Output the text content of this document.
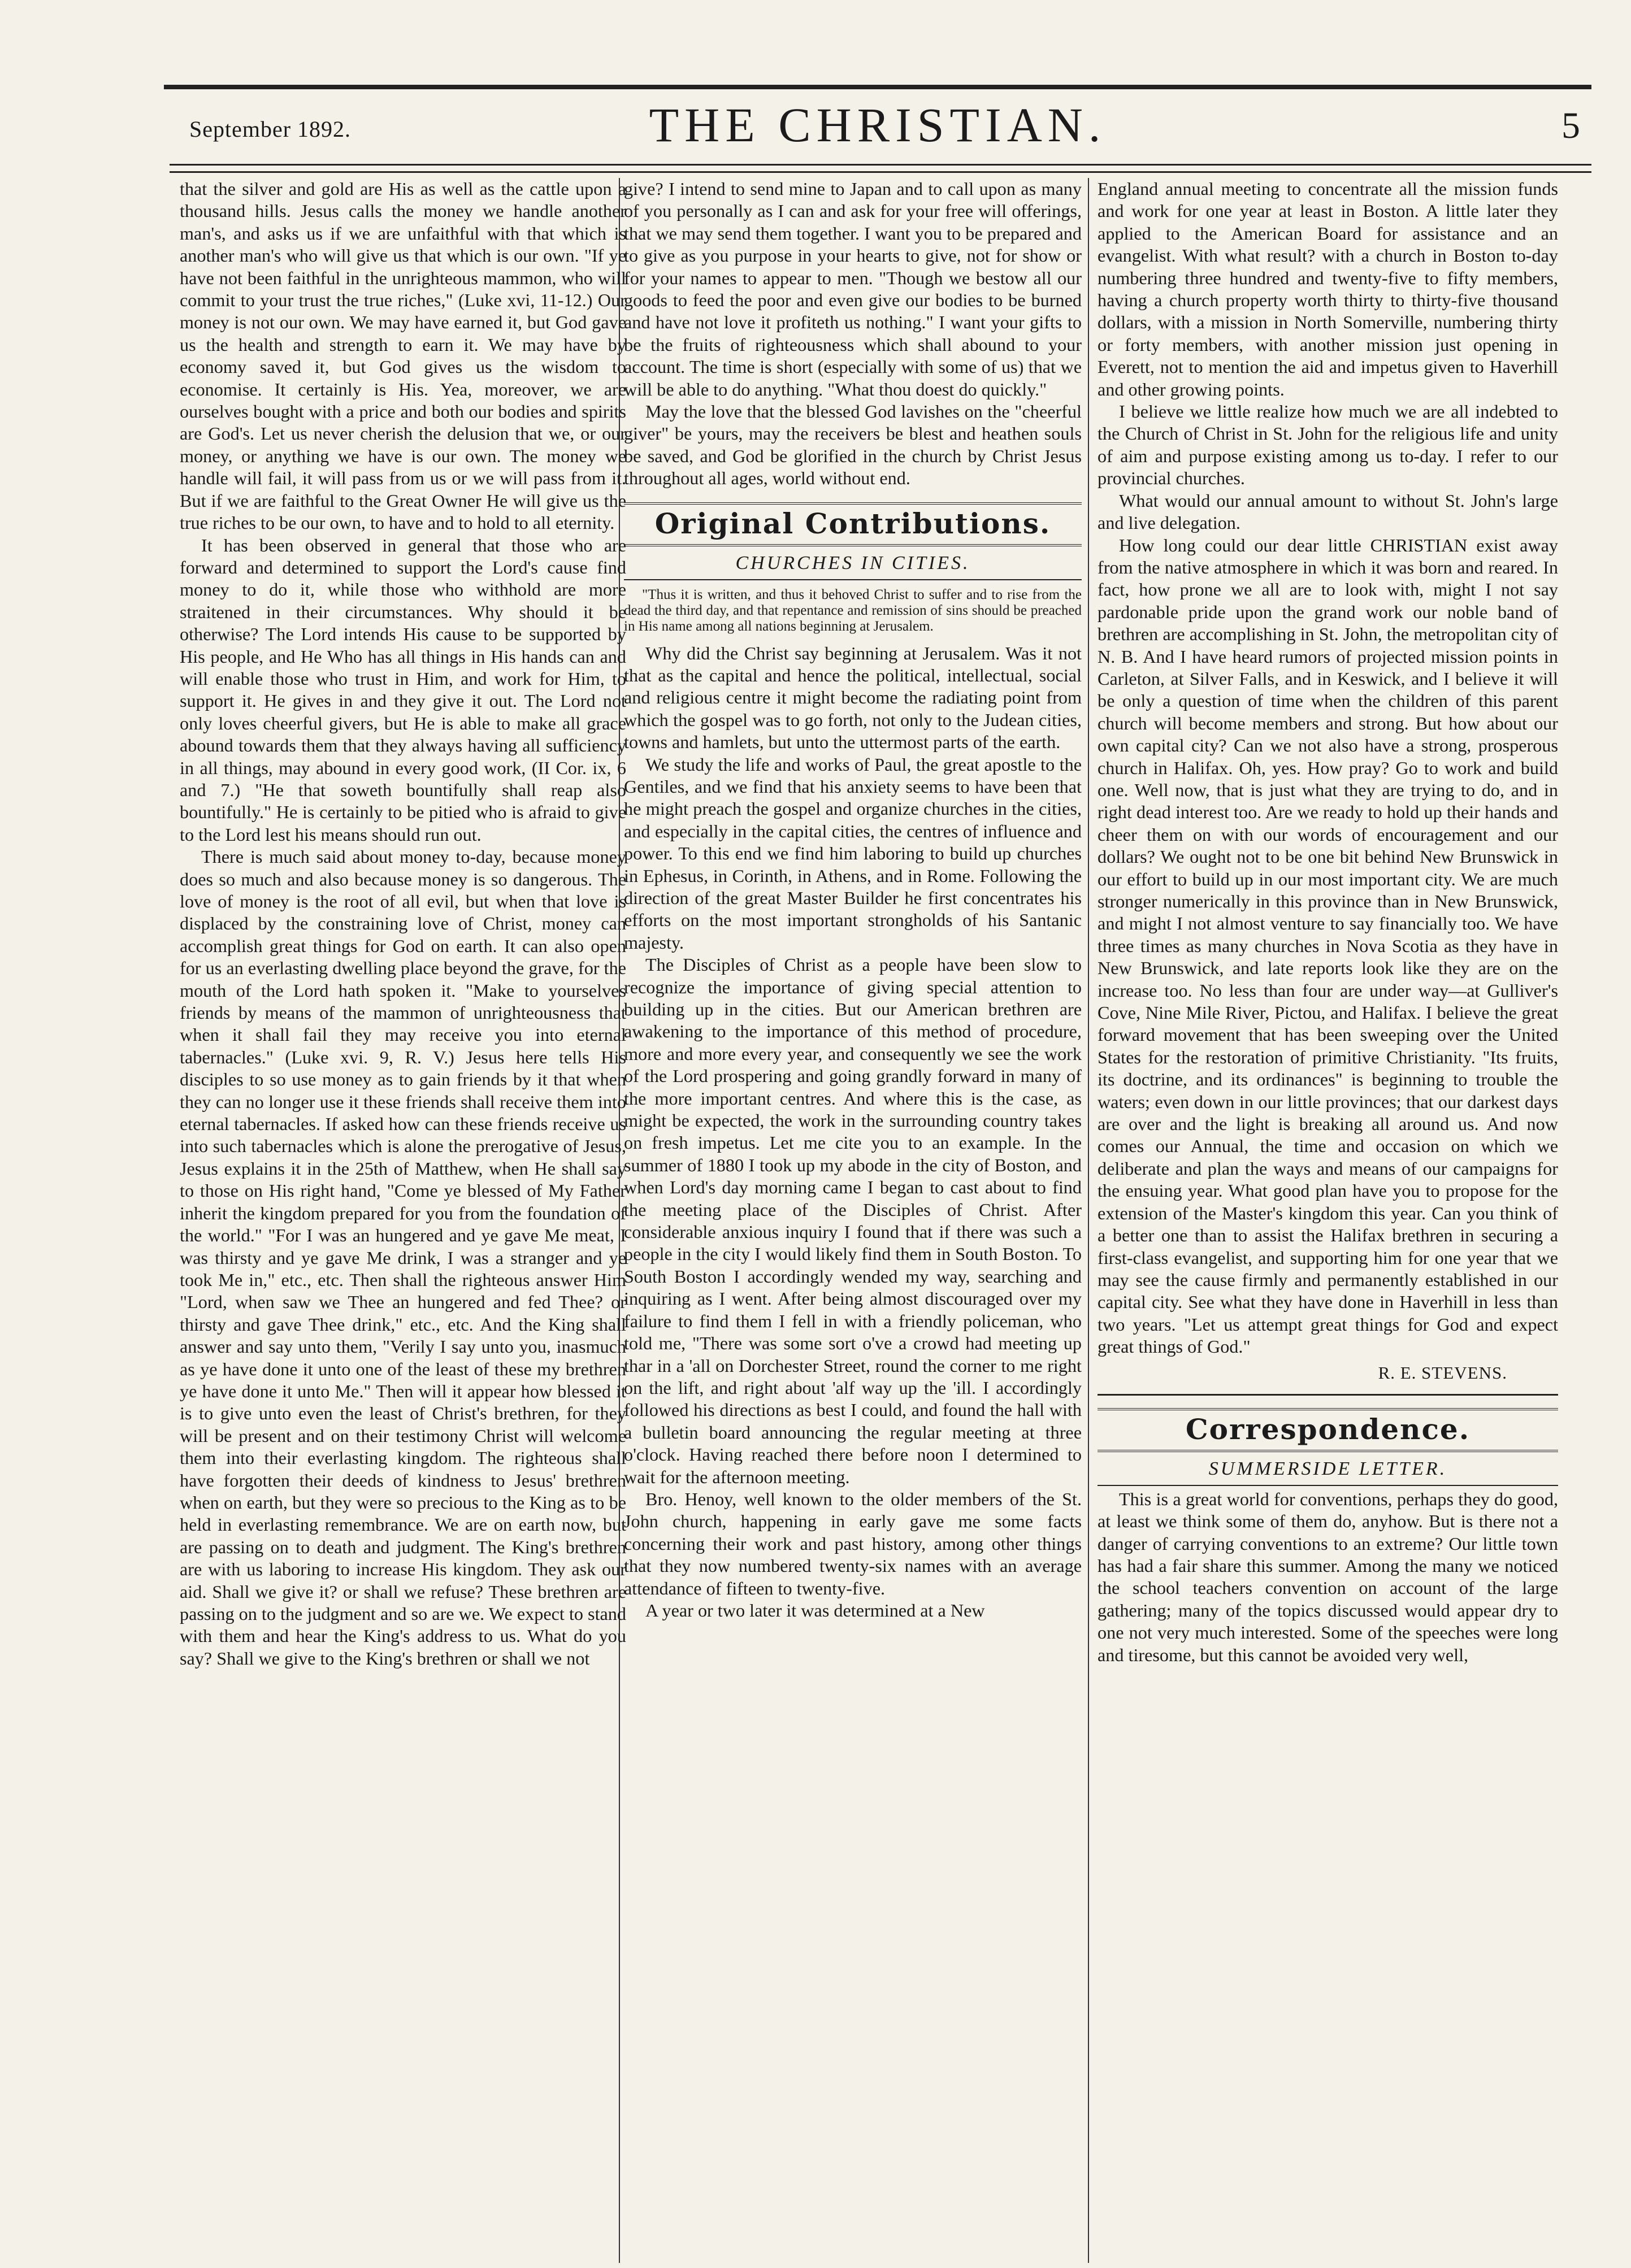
September 1892.	THE CHRISTIAN.	5

that the silver and gold are His as well as the cattle upon a thousand hills. Jesus calls the money we handle another man's, and asks us if we are unfaithful with that which is another man's who will give us that which is our own. "If ye have not been faithful in the unrighteous mammon, who will commit to your trust the true riches," (Luke xvi, 11-12.) Our money is not our own. We may have earned it, but God gave us the health and strength to earn it. We may have by economy saved it, but God gives us the wisdom to economise. It certainly is His. Yea, moreover, we are ourselves bought with a price and both our bodies and spirits are God's. Let us never cherish the delusion that we, or our money, or anything we have is our own. The money we handle will fail, it will pass from us or we will pass from it. But if we are faithful to the Great Owner He will give us the true riches to be our own, to have and to hold to all eternity.

It has been observed in general that those who are forward and determined to support the Lord's cause find money to do it, while those who withhold are more straitened in their circumstances. Why should it be otherwise? The Lord intends His cause to be supported by His people, and He Who has all things in His hands can and will enable those who trust in Him, and work for Him, to support it. He gives in and they give it out. The Lord not only loves cheerful givers, but He is able to make all grace abound towards them that they always having all sufficiency in all things, may abound in every good work, (II Cor. ix, 6 and 7.) "He that soweth bountifully shall reap also bountifully." He is certainly to be pitied who is afraid to give to the Lord lest his means should run out.

There is much said about money to-day, because money does so much and also because money is so dangerous. The love of money is the root of all evil, but when that love is displaced by the constraining love of Christ, money can accomplish great things for God on earth. It can also open for us an everlasting dwelling place beyond the grave, for the mouth of the Lord hath spoken it. "Make to yourselves friends by means of the mammon of unrighteousness that when it shall fail they may receive you into eternal tabernacles." (Luke xvi. 9, R. V.) Jesus here tells His disciples to so use money as to gain friends by it that when they can no longer use it these friends shall receive them into eternal tabernacles. If asked how can these friends receive us into such tabernacles which is alone the prerogative of Jesus, Jesus explains it in the 25th of Matthew, when He shall say to those on His right hand, "Come ye blessed of My Father inherit the kingdom prepared for you from the foundation of the world." "For I was an hungered and ye gave Me meat, I was thirsty and ye gave Me drink, I was a stranger and ye took Me in," etc., etc. Then shall the righteous answer Him "Lord, when saw we Thee an hungered and fed Thee? or thirsty and gave Thee drink," etc., etc. And the King shall answer and say unto them, "Verily I say unto you, inasmuch as ye have done it unto one of the least of these my brethren ye have done it unto Me." Then will it appear how blessed it is to give unto even the least of Christ's brethren, for they will be present and on their testimony Christ will welcome them into their everlasting kingdom. The righteous shall have forgotten their deeds of kindness to Jesus' brethren when on earth, but they were so precious to the King as to be held in everlasting remembrance. We are on earth now, but are passing on to death and judgment. The King's brethren are with us laboring to increase His kingdom. They ask our aid. Shall we give it? or shall we refuse? These brethren are passing on to the judgment and so are we. We expect to stand with them and hear the King's address to us. What do you say? Shall we give to the King's brethren or shall we not

give? I intend to send mine to Japan and to call upon as many of you personally as I can and ask for your free will offerings, that we may send them together. I want you to be prepared and to give as you purpose in your hearts to give, not for show or for your names to appear to men. "Though we bestow all our goods to feed the poor and even give our bodies to be burned and have not love it profiteth us nothing." I want your gifts to be the fruits of righteousness which shall abound to your account. The time is short (especially with some of us) that we will be able to do anything. "What thou doest do quickly."

May the love that the blessed God lavishes on the "cheerful giver" be yours, may the receivers be blest and heathen souls be saved, and God be glorified in the church by Christ Jesus throughout all ages, world without end.

Original Contributions.
CHURCHES IN CITIES.
"Thus it is written, and thus it behoved Christ to suffer and to rise from the dead the third day, and that repentance and remission of sins should be preached in His name among all nations beginning at Jerusalem.

Why did the Christ say beginning at Jerusalem. Was it not that as the capital and hence the political, intellectual, social and religious centre it might become the radiating point from which the gospel was to go forth, not only to the Judean cities, towns and hamlets, but unto the uttermost parts of the earth.

We study the life and works of Paul, the great apostle to the Gentiles, and we find that his anxiety seems to have been that he might preach the gospel and organize churches in the cities, and especially in the capital cities, the centres of influence and power. To this end we find him laboring to build up churches in Ephesus, in Corinth, in Athens, and in Rome. Following the direction of the great Master Builder he first concentrates his efforts on the most important strongholds of his Santanic majesty.

The Disciples of Christ as a people have been slow to recognize the importance of giving special attention to building up in the cities. But our American brethren are awakening to the importance of this method of procedure, more and more every year, and consequently we see the work of the Lord prospering and going grandly forward in many of the more important centres. And where this is the case, as might be expected, the work in the surrounding country takes on fresh impetus. Let me cite you to an example. In the summer of 1880 I took up my abode in the city of Boston, and when Lord's day morning came I began to cast about to find the meeting place of the Disciples of Christ. After considerable anxious inquiry I found that if there was such a people in the city I would likely find them in South Boston. To South Boston I accordingly wended my way, searching and inquiring as I went. After being almost discouraged over my failure to find them I fell in with a friendly policeman, who told me, "There was some sort o've a crowd had meeting up thar in a 'all on Dorchester Street, round the corner to me right on the lift, and right about 'alf way up the 'ill. I accordingly followed his directions as best I could, and found the hall with a bulletin board announcing the regular meeting at three o'clock. Having reached there before noon I determined to wait for the afternoon meeting.

Bro. Henoy, well known to the older members of the St. John church, happening in early gave me some facts concerning their work and past history, among other things that they now numbered twenty-six names with an average attendance of fifteen to twenty-five.

A year or two later it was determined at a New

England annual meeting to concentrate all the mission funds and work for one year at least in Boston. A little later they applied to the American Board for assistance and an evangelist. With what result? with a church in Boston to-day numbering three hundred and twenty-five to fifty members, having a church property worth thirty to thirty-five thousand dollars, with a mission in North Somerville, numbering thirty or forty members, with another mission just opening in Everett, not to mention the aid and impetus given to Haverhill and other growing points.

I believe we little realize how much we are all indebted to the Church of Christ in St. John for the religious life and unity of aim and purpose existing among us to-day. I refer to our provincial churches.

What would our annual amount to without St. John's large and live delegation.

How long could our dear little CHRISTIAN exist away from the native atmosphere in which it was born and reared. In fact, how prone we all are to look with, might I not say pardonable pride upon the grand work our noble band of brethren are accomplishing in St. John, the metropolitan city of N. B. And I have heard rumors of projected mission points in Carleton, at Silver Falls, and in Keswick, and I believe it will be only a question of time when the children of this parent church will become members and strong. But how about our own capital city? Can we not also have a strong, prosperous church in Halifax. Oh, yes. How pray? Go to work and build one. Well now, that is just what they are trying to do, and in right dead interest too. Are we ready to hold up their hands and cheer them on with our words of encouragement and our dollars? We ought not to be one bit behind New Brunswick in our effort to build up in our most important city. We are much stronger numerically in this province than in New Brunswick, and might I not almost venture to say financially too. We have three times as many churches in Nova Scotia as they have in New Brunswick, and late reports look like they are on the increase too. No less than four are under way—at Gulliver's Cove, Nine Mile River, Pictou, and Halifax. I believe the great forward movement that has been sweeping over the United States for the restoration of primitive Christianity. "Its fruits, its doctrine, and its ordinances" is beginning to trouble the waters; even down in our little provinces; that our darkest days are over and the light is breaking all around us. And now comes our Annual, the time and occasion on which we deliberate and plan the ways and means of our campaigns for the ensuing year. What good plan have you to propose for the extension of the Master's kingdom this year. Can you think of a better one than to assist the Halifax brethren in securing a first-class evangelist, and supporting him for one year that we may see the cause firmly and permanently established in our capital city. See what they have done in Haverhill in less than two years. "Let us attempt great things for God and expect great things of God."

R. E. STEVENS.
Correspondence.
SUMMERSIDE LETTER.

This is a great world for conventions, perhaps they do good, at least we think some of them do, anyhow. But is there not a danger of carrying conventions to an extreme? Our little town has had a fair share this summer. Among the many we noticed the school teachers convention on account of the large gathering; many of the topics discussed would appear dry to one not very much interested. Some of the speeches were long and tiresome, but this cannot be avoided very well,
